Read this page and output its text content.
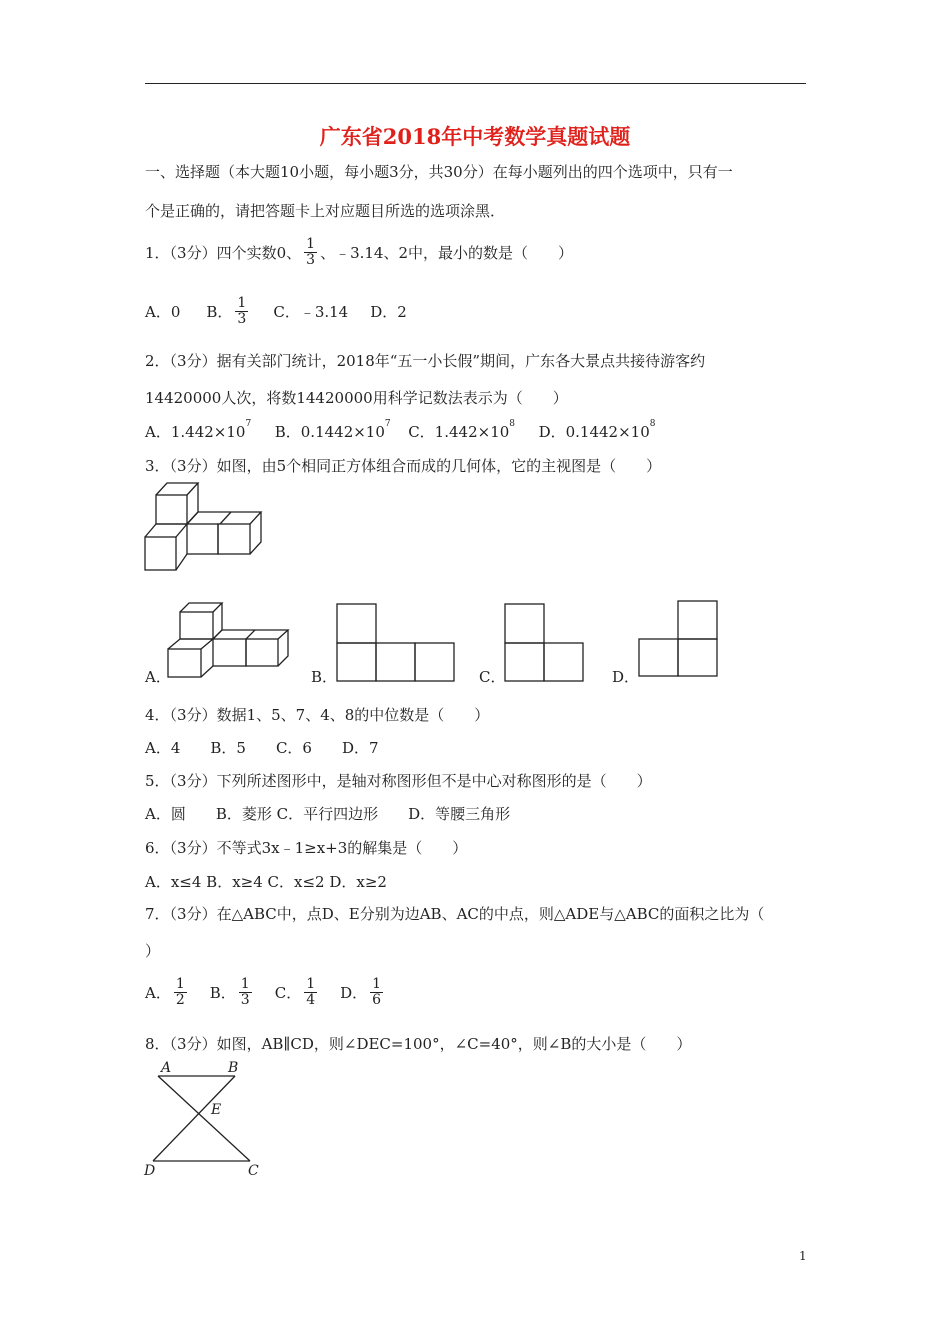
广东省2018年中考数学真题试题
一、选择题（本大题10小题，每小题3分，共30分）在每小题列出的四个选项中，只有一
个是正确的，请把答题卡上对应题目所选的选项涂黑．
1．（3分）四个实数0、 $\frac{1}{3}$ 、﹣3.14、2中，最小的数是（　　）
A．0 B． $\frac{1}{3}$ C．﹣3.14 D．2
2．（3分）据有关部门统计，2018年“五一小长假”期间，广东各大景点共接待游客约
14420000人次，将数14420000用科学记数法表示为（　　）
A．$1.442\times 10^7$ B．$0.1442\times 10^7$ C．$1.442\times 10^8$ D．$0.1442\times 10^8$
3．（3分）如图，由5个相同正方体组合而成的几何体，它的主视图是（　　）
A．	B．	C．	D．
4．（3分）数据1、5、7、4、8的中位数是（　　）
A．4　　B．5　　C．6　　D．7
5．（3分）下列所述图形中，是轴对称图形但不是中心对称图形的是（　　）
A．圆　　B．菱形 C．平行四边形　　D．等腰三角形
6．（3分）不等式3x﹣1≥x+3的解集是（　　）
A．x≤4 B．x≥4 C．x≤2 D．x≥2
7．（3分）在△ABC中，点D、E分别为边AB、AC的中点，则△ADE与△ABC的面积之比为（
）
A． $\frac{1}{2}$ B． $\frac{1}{3}$ C． $\frac{1}{4}$ D． $\frac{1}{6}$
8．（3分）如图，AB∥CD，则∠DEC=100°，∠C=40°，则∠B的大小是（　　）
A	B
E
D	C
1
